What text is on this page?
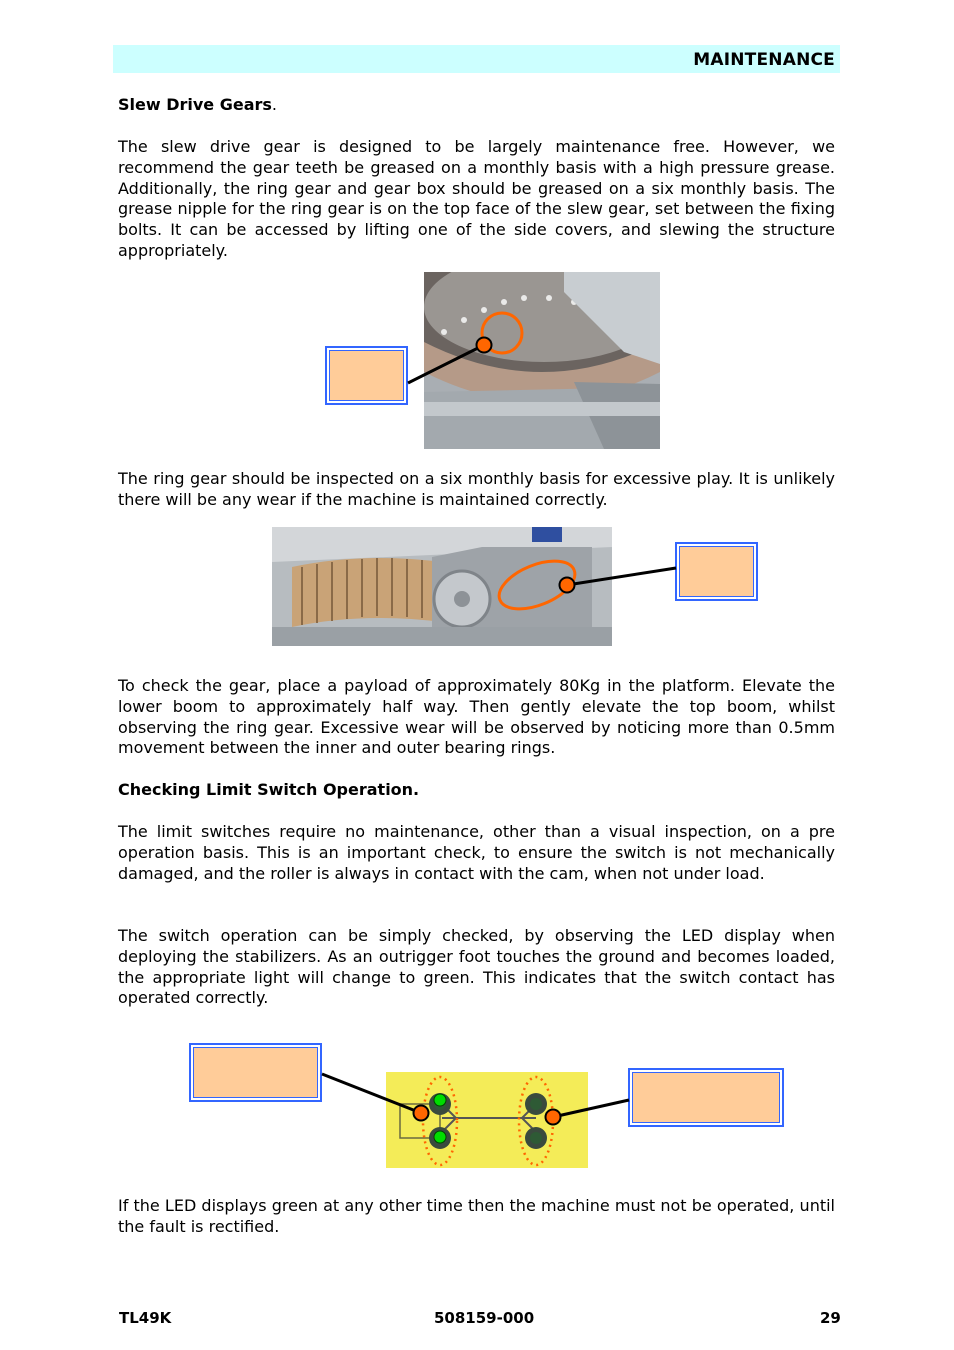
MAINTENANCE

Slew Drive Gears.

The slew drive gear is designed to be largely maintenance free. However, we recommend the gear teeth be greased on a monthly basis with a high pressure grease. Additionally, the ring gear and gear box should be greased on a six monthly basis. The grease nipple for the ring gear is on the top face of the slew gear, set between the fixing bolts. It can be accessed by lifting one of the side covers, and slewing the structure appropriately.

The ring gear should be inspected on a six monthly basis for excessive play. It is unlikely there will be any wear if the machine is maintained correctly.

To check the gear, place a payload of approximately 80Kg in the platform. Elevate the lower boom to approximately half way. Then gently elevate the top boom, whilst observing the ring gear. Excessive wear will be observed by noticing more than 0.5mm movement between the inner and outer bearing rings.

Checking Limit Switch Operation.

The limit switches require no maintenance, other than a visual inspection, on a pre operation basis. This is an important check, to ensure the switch is not mechanically damaged, and the roller is always in contact with the cam, when not under load.

The switch operation can be simply checked, by observing the LED display when deploying the stabilizers. As an outrigger foot touches the ground and becomes loaded, the appropriate light will change to green. This indicates that the switch contact has operated correctly.

If the LED displays green at any other time then the machine must not be operated, until the fault is rectified.

TL49K	508159-000	29
